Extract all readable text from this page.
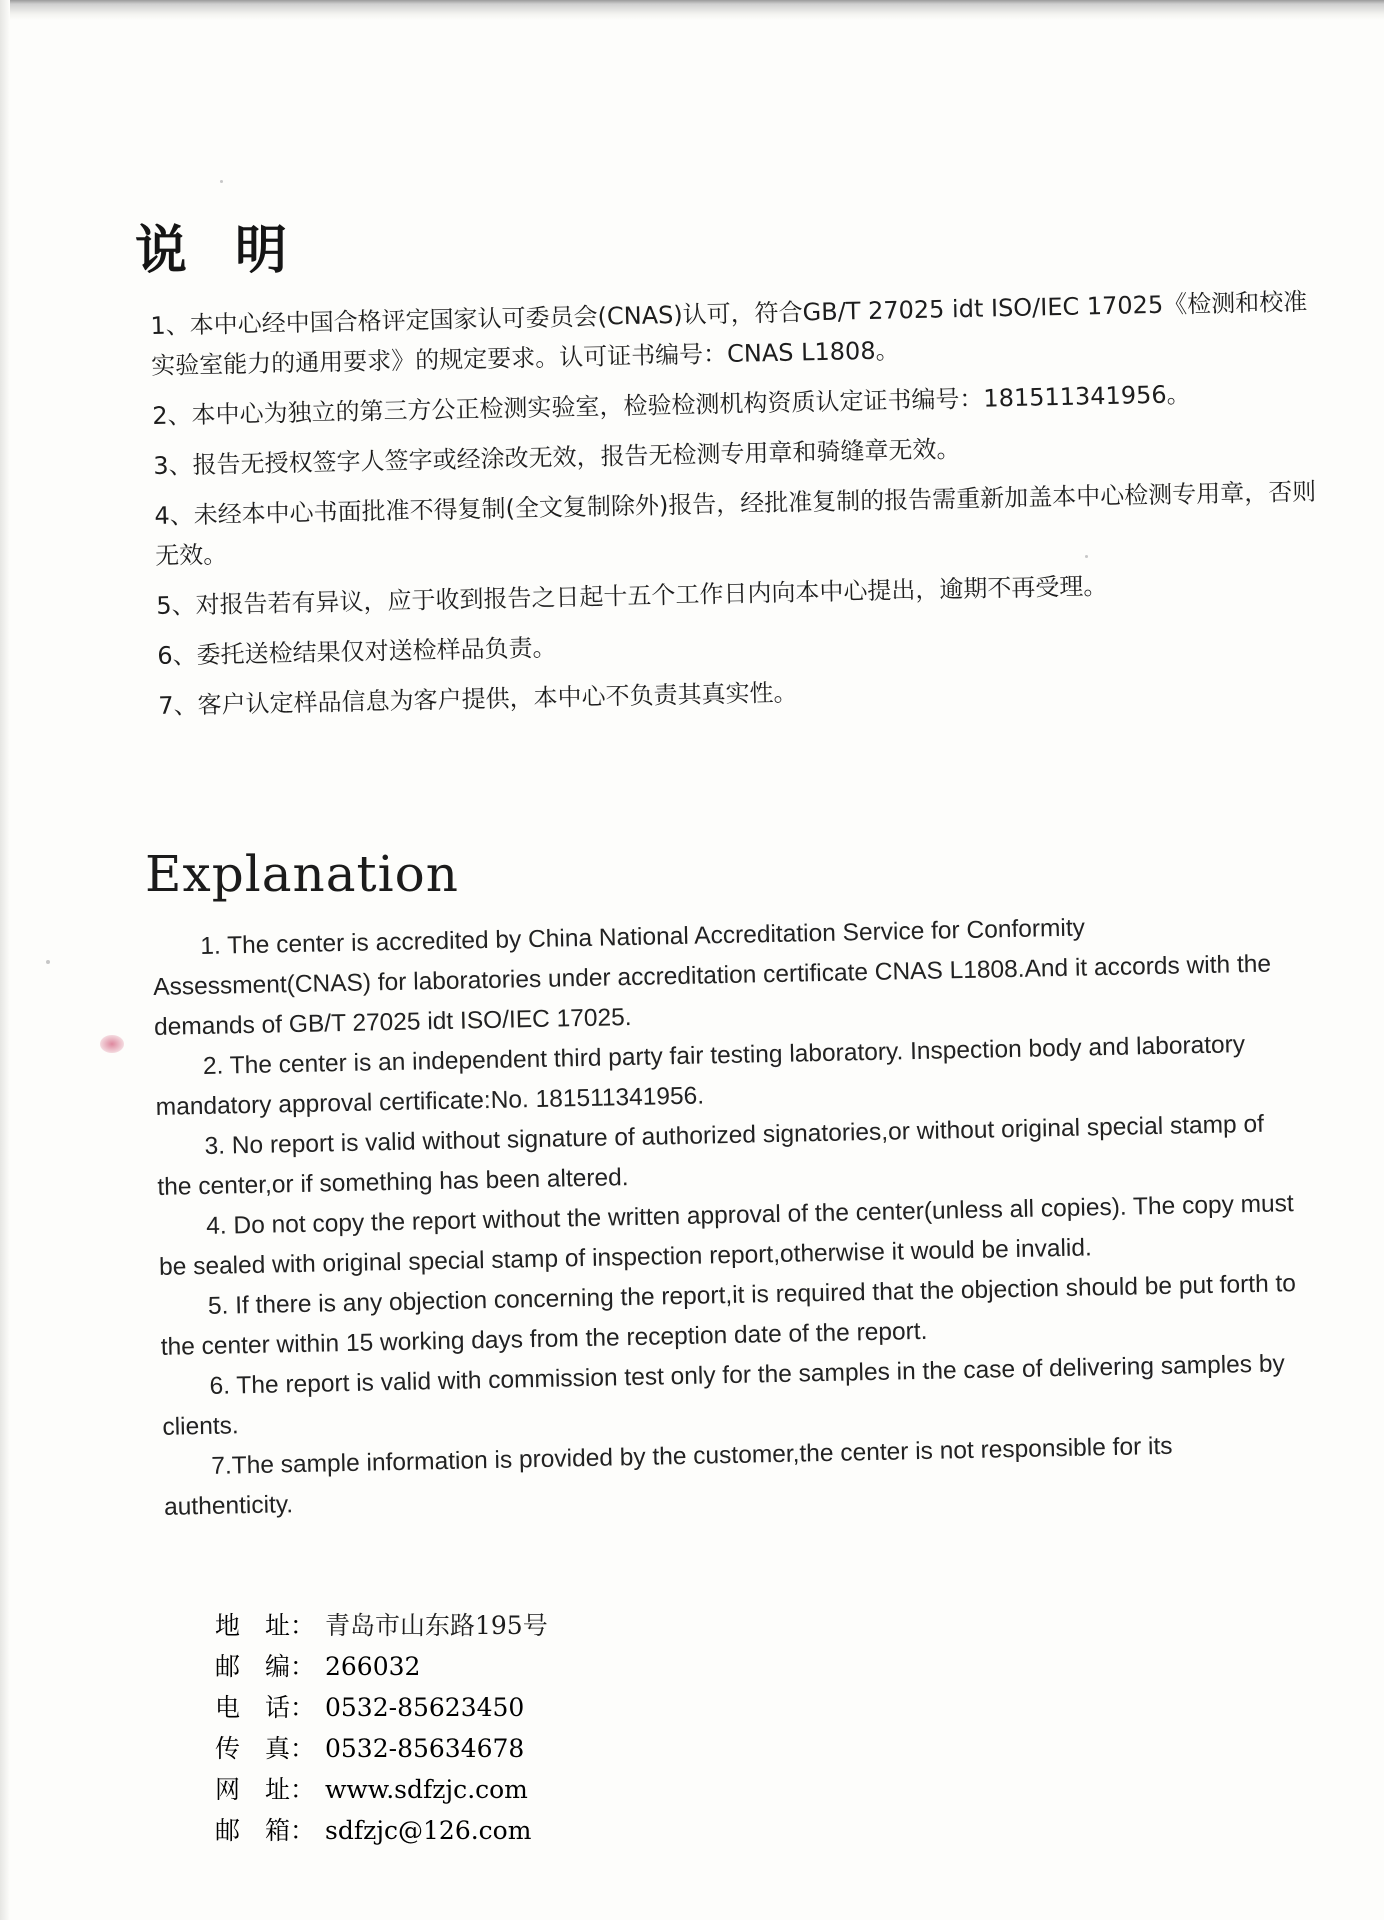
说明

1、本中心经中国合格评定国家认可委员会(CNAS)认可，符合GB/T 27025 idt ISO/IEC 17025《检测和校准实验室能力的通用要求》的规定要求。认可证书编号：CNAS L1808。

2、本中心为独立的第三方公正检测实验室，检验检测机构资质认定证书编号：181511341956。

3、报告无授权签字人签字或经涂改无效，报告无检测专用章和骑缝章无效。

4、未经本中心书面批准不得复制(全文复制除外)报告，经批准复制的报告需重新加盖本中心检测专用章，否则无效。

5、对报告若有异议，应于收到报告之日起十五个工作日内向本中心提出，逾期不再受理。

6、委托送检结果仅对送检样品负责。

7、客户认定样品信息为客户提供，本中心不负责其真实性。

Explanation

1. The center is accredited by China National Accreditation Service for Conformity Assessment(CNAS) for laboratories under accreditation certificate CNAS L1808.And it accords with the demands of GB/T 27025 idt ISO/IEC 17025.

2. The center is an independent third party fair testing laboratory. Inspection body and laboratory mandatory approval certificate:No. 181511341956.

3. No report is valid without signature of authorized signatories,or without original special stamp of the center,or if something has been altered.

4. Do not copy the report without the written approval of the center(unless all copies). The copy must be sealed with original special stamp of inspection report,otherwise it would be invalid.

5. If there is any objection concerning the report,it is required that the objection should be put forth to the center within 15 working days from the reception date of the report.

6. The report is valid with commission test only for the samples in the case of delivering samples by clients.

7.The sample information is provided by the customer,the center is not responsible for its authenticity.

地　址： 青岛市山东路195号
邮　编： 266032
电　话： 0532-85623450
传　真： 0532-85634678
网　址： www.sdfzjc.com
邮　箱： sdfzjc@126.com
